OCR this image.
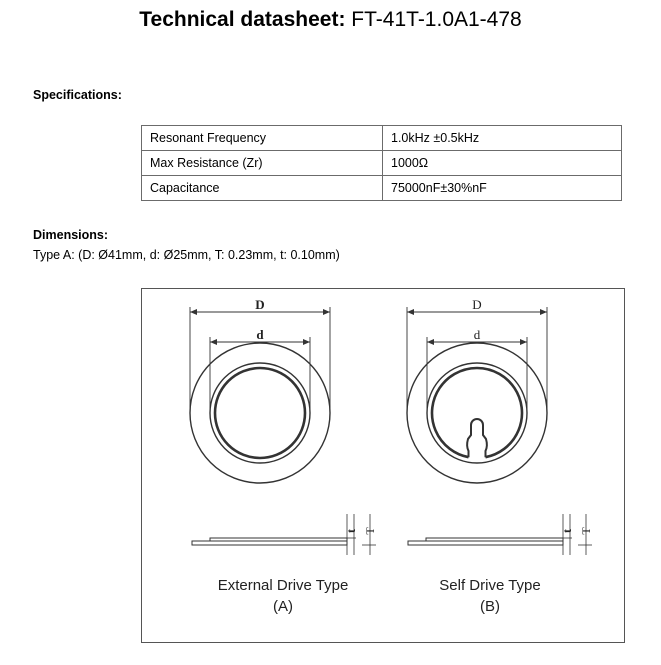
Technical datasheet: FT-41T-1.0A1-478
Specifications:
Resonant Frequency	1.0kHz ±0.5kHz
Max Resistance (Zr)	1000Ω
Capacitance	75000nF±30%nF
Dimensions:
Type A: (D: Ø41mm, d: Ø25mm, T: 0.23mm, t: 0.10mm)
D
d
D
d
t T	t T
External Drive Type
(A)
Self Drive Type
(B)
